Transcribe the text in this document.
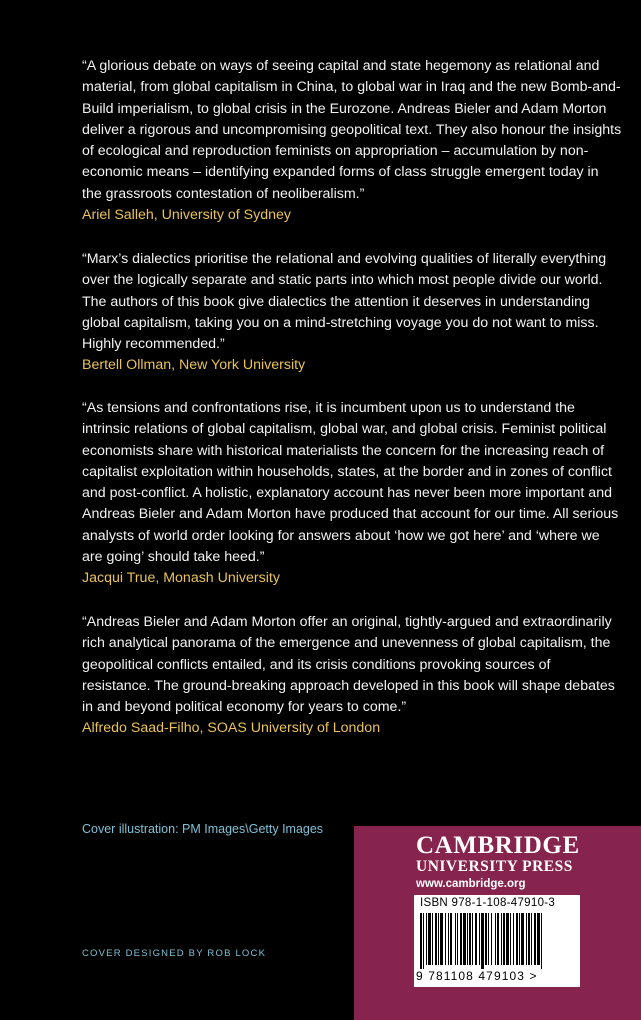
“A glorious debate on ways of seeing capital and state hegemony as relational and material, from global capitalism in China, to global war in Iraq and the new Bomb-and-Build imperialism, to global crisis in the Eurozone. Andreas Bieler and Adam Morton deliver a rigorous and uncompromising geopolitical text. They also honour the insights of ecological and reproduction feminists on appropriation – accumulation by non-economic means – identifying expanded forms of class struggle emergent today in the grassroots contestation of neoliberalism.”
Ariel Salleh, University of Sydney
“Marx’s dialectics prioritise the relational and evolving qualities of literally everything over the logically separate and static parts into which most people divide our world. The authors of this book give dialectics the attention it deserves in understanding global capitalism, taking you on a mind-stretching voyage you do not want to miss. Highly recommended.”
Bertell Ollman, New York University
“As tensions and confrontations rise, it is incumbent upon us to understand the intrinsic relations of global capitalism, global war, and global crisis. Feminist political economists share with historical materialists the concern for the increasing reach of capitalist exploitation within households, states, at the border and in zones of conflict and post-conflict. A holistic, explanatory account has never been more important and Andreas Bieler and Adam Morton have produced that account for our time. All serious analysts of world order looking for answers about ‘how we got here’ and ‘where we are going’ should take heed.”
Jacqui True, Monash University
“Andreas Bieler and Adam Morton offer an original, tightly-argued and extraordinarily rich analytical panorama of the emergence and unevenness of global capitalism, the geopolitical conflicts entailed, and its crisis conditions provoking sources of resistance. The ground-breaking approach developed in this book will shape debates in and beyond political economy for years to come.”
Alfredo Saad-Filho, SOAS University of London

Cover illustration: PM Images\Getty Images

COVER DESIGNED BY ROB LOCK

CAMBRIDGE

UNIVERSITY PRESS

www.cambridge.org

ISBN 978-1-108-47910-3
9 781108 479103 >
